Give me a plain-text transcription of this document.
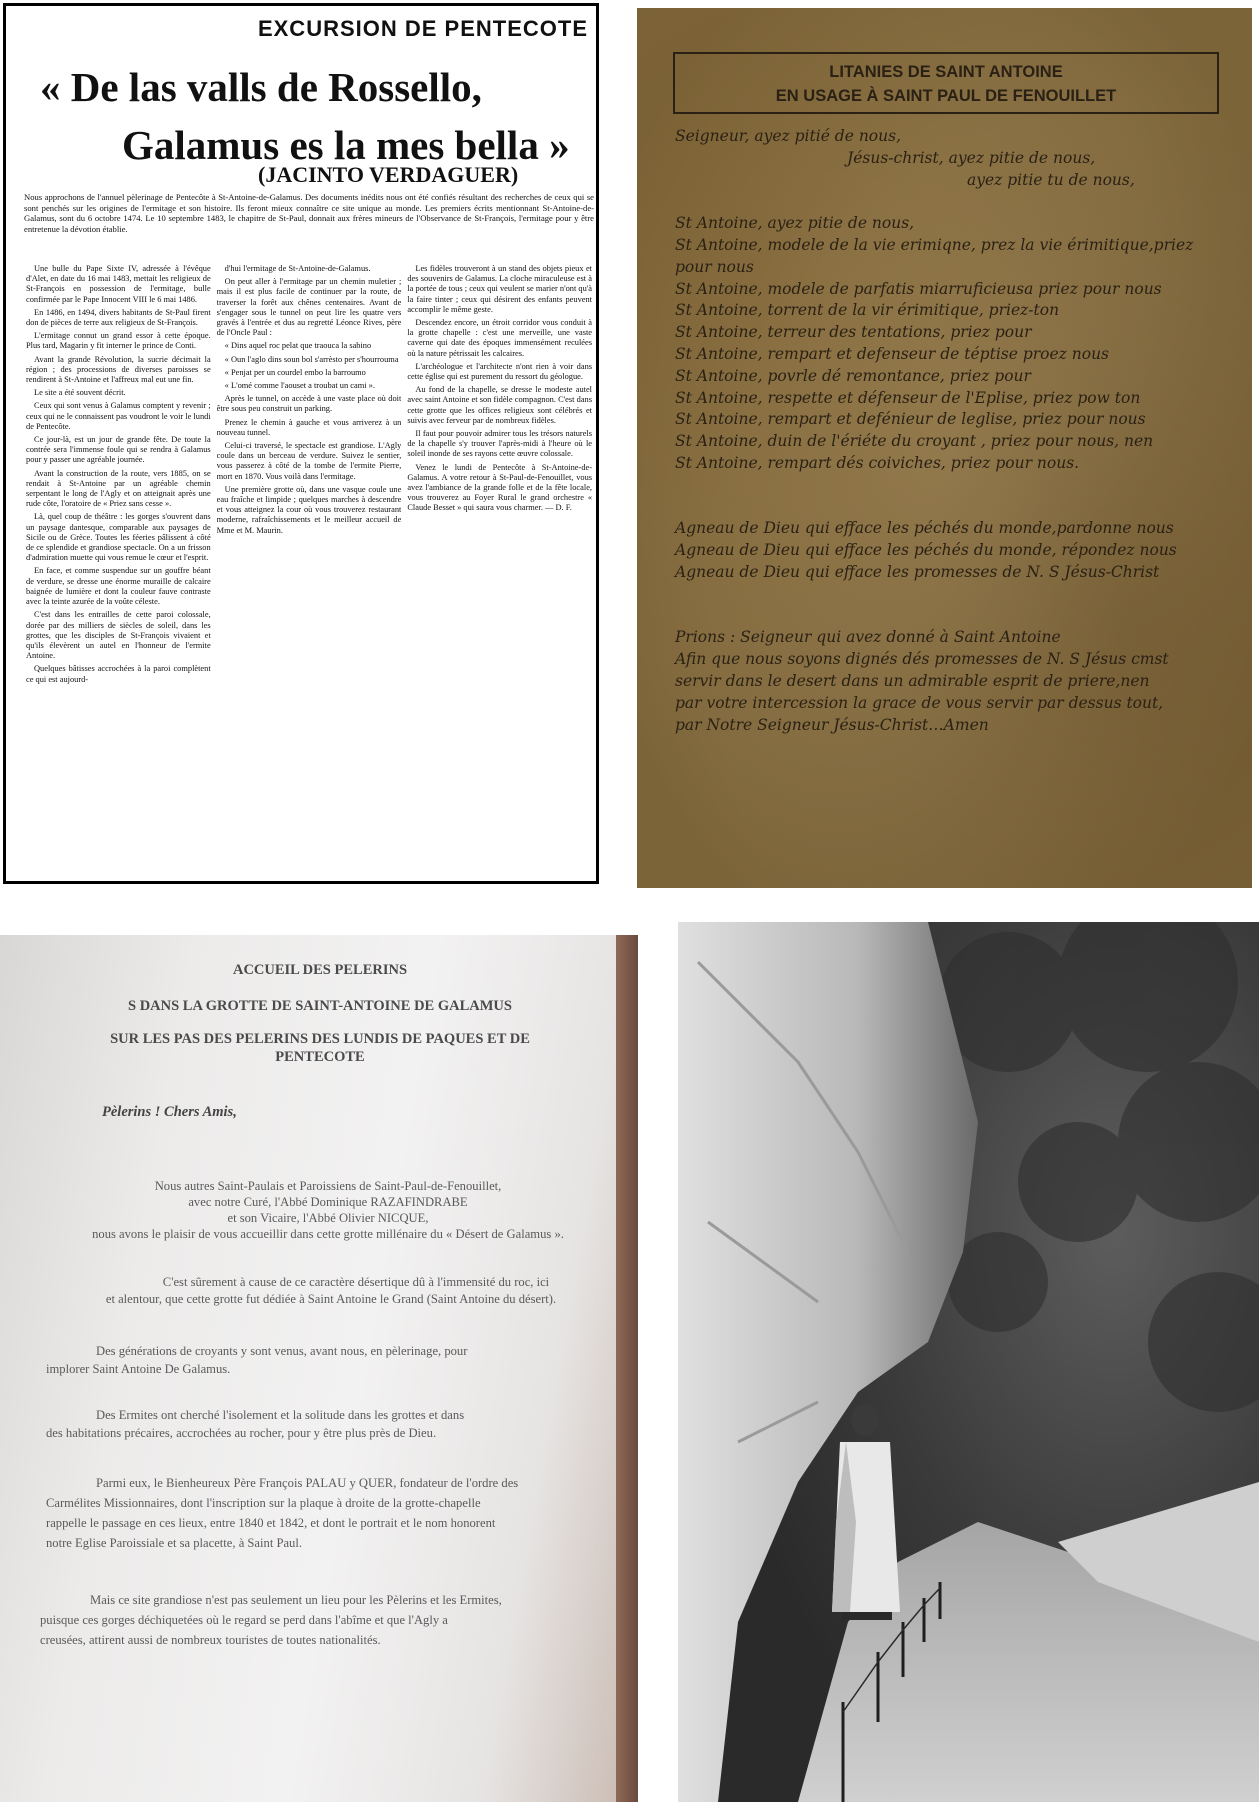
EXCURSION DE PENTECOTE
« De las valls de Rossello,
Galamus es la mes bella »
(JACINTO VERDAGUER)
Nous approchons de l'annuel pèlerinage de Pentecôte à St-Antoine-de-Galamus. Des documents inédits nous ont été confiés résultant des recherches de ceux qui se sont penchés sur les origines de l'ermitage et son histoire. Ils feront mieux connaître ce site unique au monde. Les premiers écrits mentionnant St-Antoine-de-Galamus, sont du 6 octobre 1474. Le 10 septembre 1483, le chapitre de St-Paul, donnait aux frères mineurs de l'Observance de St-François, l'ermitage pour y être entretenue la dévotion établie.

Une bulle du Pape Sixte IV, adressée à l'évêque d'Alet, en date du 16 mai 1483, mettait les religieux de St-François en possession de l'ermitage, bulle confirmée par le Pape Innocent VIII le 6 mai 1486.

En 1486, en 1494, divers habitants de St-Paul firent don de pièces de terre aux religieux de St-François.

L'ermitage connut un grand essor à cette époque. Plus tard, Magarin y fit interner le prince de Conti.

Avant la grande Révolution, la sucrie décimait la région ; des processions de diverses paroisses se rendirent à St-Antoine et l'affreux mal eut une fin.

Le site a été souvent décrit.

Ceux qui sont venus à Galamus comptent y revenir ; ceux qui ne le connaissent pas voudront le voir le lundi de Pentecôte.

Ce jour-là, est un jour de grande fête. De toute la contrée sera l'immense foule qui se rendra à Galamus pour y passer une agréable journée.

Avant la construction de la route, vers 1885, on se rendait à St-Antoine par un agréable chemin serpentant le long de l'Agly et on atteignait après une rude côte, l'oratoire de « Priez sans cesse ».

Là, quel coup de théâtre : les gorges s'ouvrent dans un paysage dantesque, comparable aux paysages de Sicile ou de Grèce. Toutes les féeries pâlissent à côté de ce splendide et grandiose spectacle. On a un frisson d'admiration muette qui vous remue le cœur et l'esprit.

En face, et comme suspendue sur un gouffre béant de verdure, se dresse une énorme muraille de calcaire baignée de lumière et dont la couleur fauve contraste avec la teinte azurée de la voûte céleste.

C'est dans les entrailles de cette paroi colossale, dorée par des milliers de siècles de soleil, dans les grottes, que les disciples de St-François vivaient et qu'ils élevèrent un autel en l'honneur de l'ermite Antoine.

Quelques bâtisses accrochées à la paroi complètent ce qui est aujourd-

d'hui l'ermitage de St-Antoine-de-Galamus.

On peut aller à l'ermitage par un chemin muletier ; mais il est plus facile de continuer par la route, de traverser la forêt aux chênes centenaires. Avant de s'engager sous le tunnel on peut lire les quatre vers gravés à l'entrée et dus au regretté Léonce Rives, père de l'Oncle Paul :

« Dins aquel roc pelat que traouca la sabino

« Oun l'aglo dins soun bol s'arrèsto per s'hourrouma

« Penjat per un courdel embo la barroumo

« L'omé comme l'aouset a troubat un cami ».

Après le tunnel, on accède à une vaste place où doit être sous peu construit un parking.

Prenez le chemin à gauche et vous arriverez à un nouveau tunnel.

Celui-ci traversé, le spectacle est grandiose. L'Agly coule dans un berceau de verdure. Suivez le sentier, vous passerez à côté de la tombe de l'ermite Pierre, mort en 1870. Vous voilà dans l'ermitage.

Une première grotte où, dans une vasque coule une eau fraîche et limpide ; quelques marches à descendre et vous atteignez la cour où vous trouverez restaurant moderne, rafraîchissements et le meilleur accueil de Mme et M. Maurin.

Les fidèles trouveront à un stand des objets pieux et des souvenirs de Galamus. La cloche miraculeuse est à la portée de tous ; ceux qui veulent se marier n'ont qu'à la faire tinter ; ceux qui désirent des enfants peuvent accomplir le même geste.

Descendez encore, un étroit corridor vous conduit à la grotte chapelle : c'est une merveille, une vaste caverne qui date des époques immensément reculées où la nature pétrissait les calcaires.

L'archéologue et l'architecte n'ont rien à voir dans cette église qui est purement du ressort du géologue.

Au fond de la chapelle, se dresse le modeste autel avec saint Antoine et son fidèle compagnon. C'est dans cette grotte que les offices religieux sont célébrés et suivis avec ferveur par de nombreux fidèles.

Il faut pour pouvoir admirer tous les trésors naturels de la chapelle s'y trouver l'après-midi à l'heure où le soleil inonde de ses rayons cette œuvre colossale.

Venez le lundi de Pentecôte à St-Antoine-de-Galamus. A votre retour à St-Paul-de-Fenouillet, vous avez l'ambiance de la grande folle et de la fête locale, vous trouverez au Foyer Rural le grand orchestre « Claude Besset » qui saura vous charmer. — D. F.

LITANIES DE SAINT ANTOINE
EN USAGE À SAINT PAUL DE FENOUILLET
Seigneur, ayez pitié de nous,
Jésus-christ, ayez pitie de nous,
ayez pitie tu de nous,

St Antoine, ayez pitie de nous,
St Antoine, modele de la vie erimiqne, prez la vie érimitique,priez
pour nous
St Antoine, modele de parfatis miarruficieusa priez pour nous
St Antoine, torrent de la vir érimitique, priez-ton
St Antoine, terreur des tentations, priez pour
St Antoine, rempart et defenseur de téptise proez nous
St Antoine, povrle dé remontance, priez pour
St Antoine, respette et défenseur de l'Eplise, priez pow ton
St Antoine, rempart et defénieur de leglise, priez pour nous
St Antoine, duin de l'ériéte du croyant , priez pour nous, nen
St Antoine, rempart dés coiviches, priez pour nous.

Agneau de Dieu qui efface les péchés du monde,pardonne nous
Agneau de Dieu qui efface les péchés du monde, répondez nous
Agneau de Dieu qui efface les promesses de N. S Jésus-Christ

Prions : Seigneur qui avez donné à Saint Antoine
Afin que nous soyons dignés dés promesses de N. S Jésus cmst
servir dans le desert dans un admirable esprit de priere,nen
par votre intercession la grace de vous servir par dessus tout,
par Notre Seigneur Jésus-Christ…Amen
ACCUEIL DES PELERINS
S DANS LA GROTTE DE SAINT-ANTOINE DE GALAMUS
SUR LES PAS DES PELERINS DES LUNDIS DE PAQUES ET DE PENTECOTE
Pèlerins ! Chers Amis,
Nous autres Saint-Paulais et Paroissiens de Saint-Paul-de-Fenouillet,
avec notre Curé, l'Abbé Dominique RAZAFINDRABE
et son Vicaire, l'Abbé Olivier NICQUE,
nous avons le plaisir de vous accueillir dans cette grotte millénaire du « Désert de Galamus ».
C'est sûrement à cause de ce caractère désertique dû à l'immensité du roc, ici
et alentour, que cette grotte fut dédiée à Saint Antoine le Grand (Saint Antoine du désert).
Des générations de croyants y sont venus, avant nous, en pèlerinage, pour
implorer Saint Antoine De Galamus.
Des Ermites ont cherché l'isolement et la solitude dans les grottes et dans
des habitations précaires, accrochées au rocher, pour y être plus près de Dieu.
Parmi eux, le Bienheureux Père François PALAU y QUER, fondateur de l'ordre des
Carmélites Missionnaires, dont l'inscription sur la plaque à droite de la grotte-chapelle
rappelle le passage en ces lieux, entre 1840 et 1842, et dont le portrait et le nom honorent
notre Eglise Paroissiale et sa placette, à Saint Paul.
Mais ce site grandiose n'est pas seulement un lieu pour les Pèlerins et les Ermites,
puisque ces gorges déchiquetées où le regard se perd dans l'abîme et que l'Agly a
creusées, attirent aussi de nombreux touristes de toutes nationalités.
